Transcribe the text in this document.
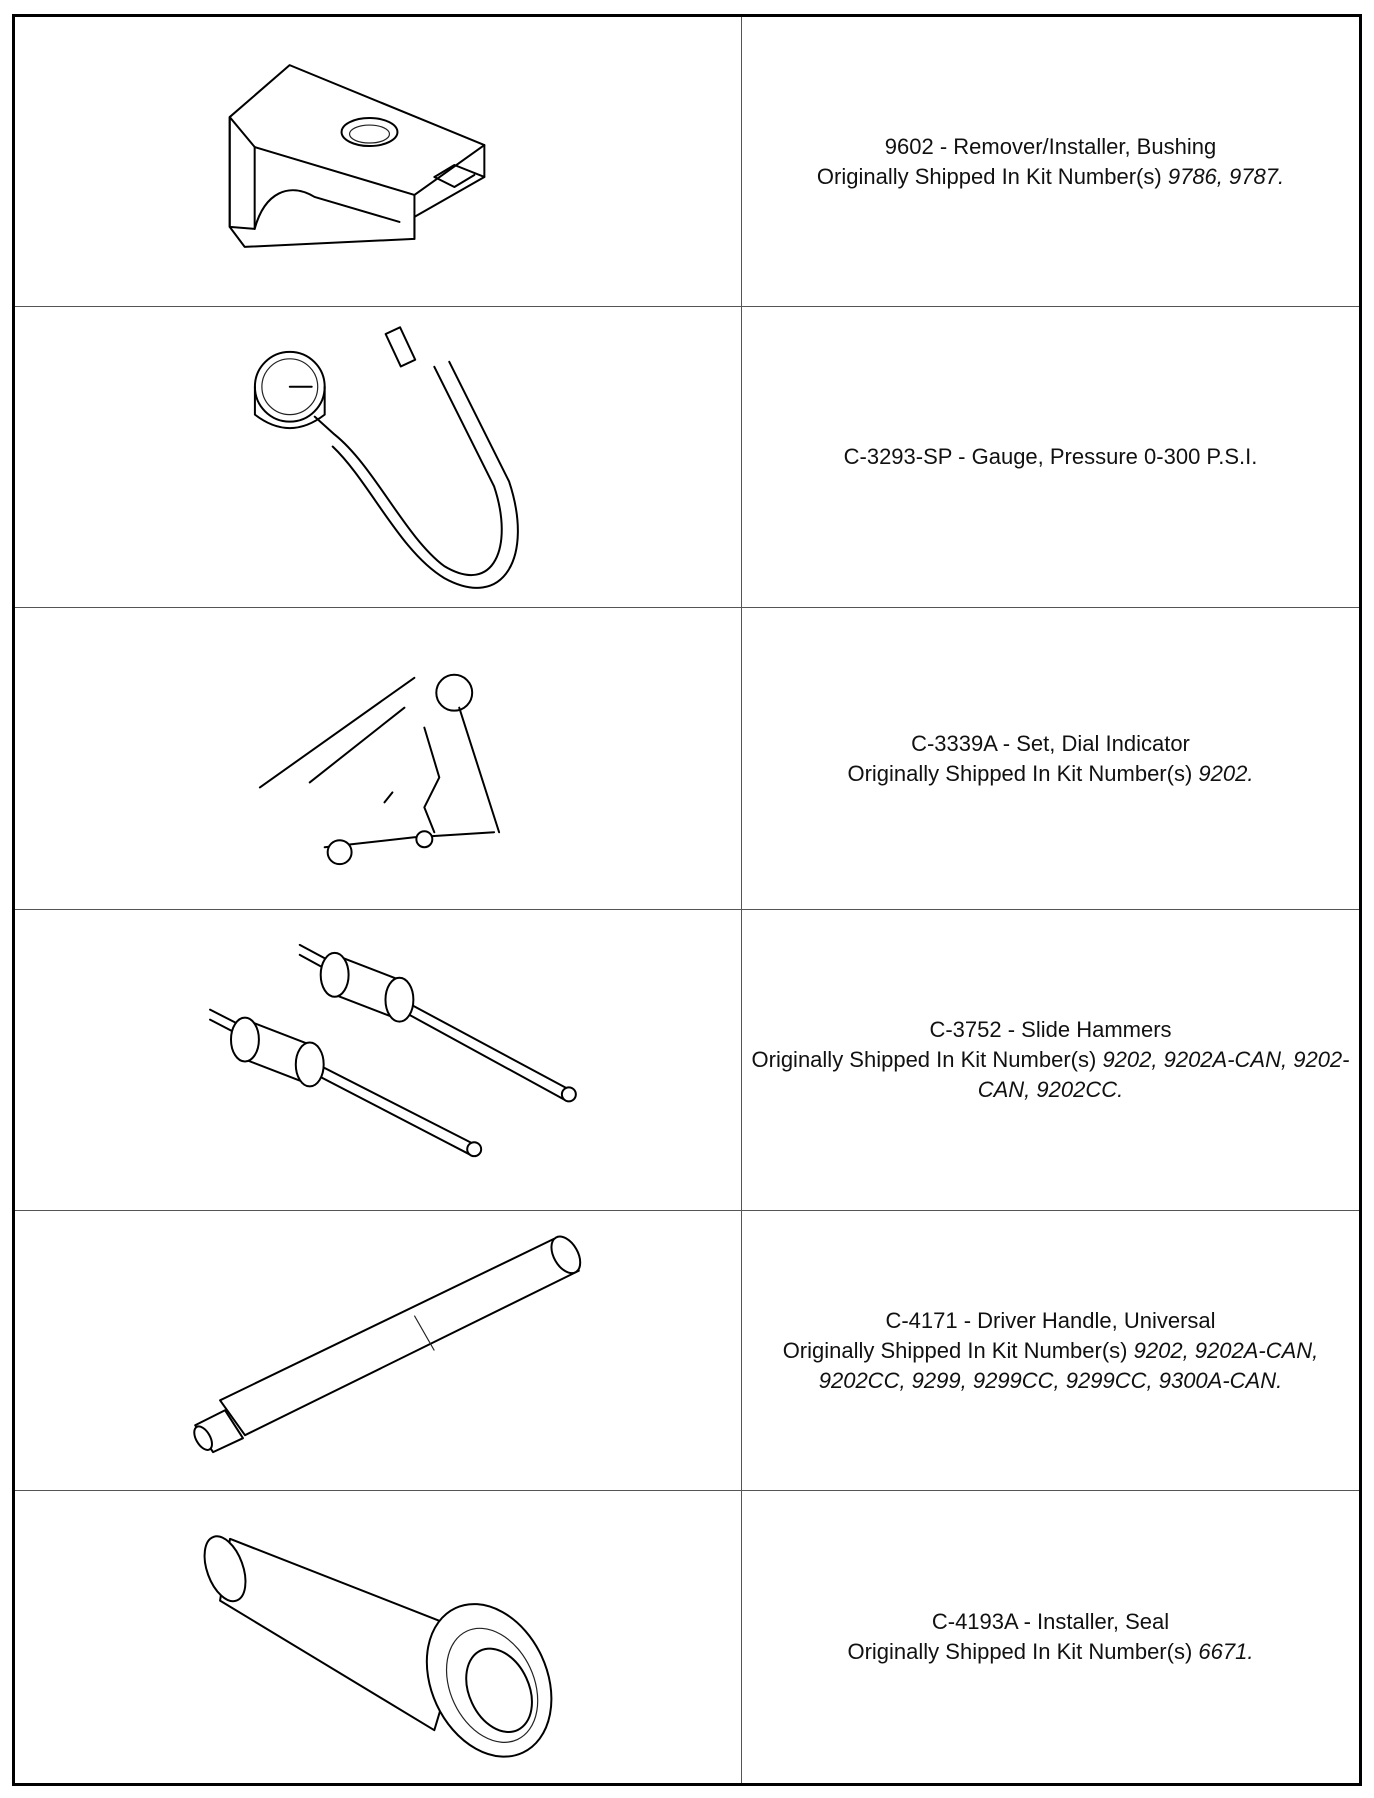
9602 - Remover/Installer, Bushing
Originally Shipped In Kit Number(s) 9786, 9787.
C-3293-SP - Gauge, Pressure 0-300 P.S.I.
C-3339A - Set, Dial Indicator
Originally Shipped In Kit Number(s) 9202.
C-3752 - Slide Hammers
Originally Shipped In Kit Number(s) 9202, 9202A-CAN, 9202-CAN, 9202CC.
C-4171 - Driver Handle, Universal
Originally Shipped In Kit Number(s) 9202, 9202A-CAN, 9202CC, 9299, 9299CC, 9299CC, 9300A-CAN.
C-4193A - Installer, Seal
Originally Shipped In Kit Number(s) 6671.
